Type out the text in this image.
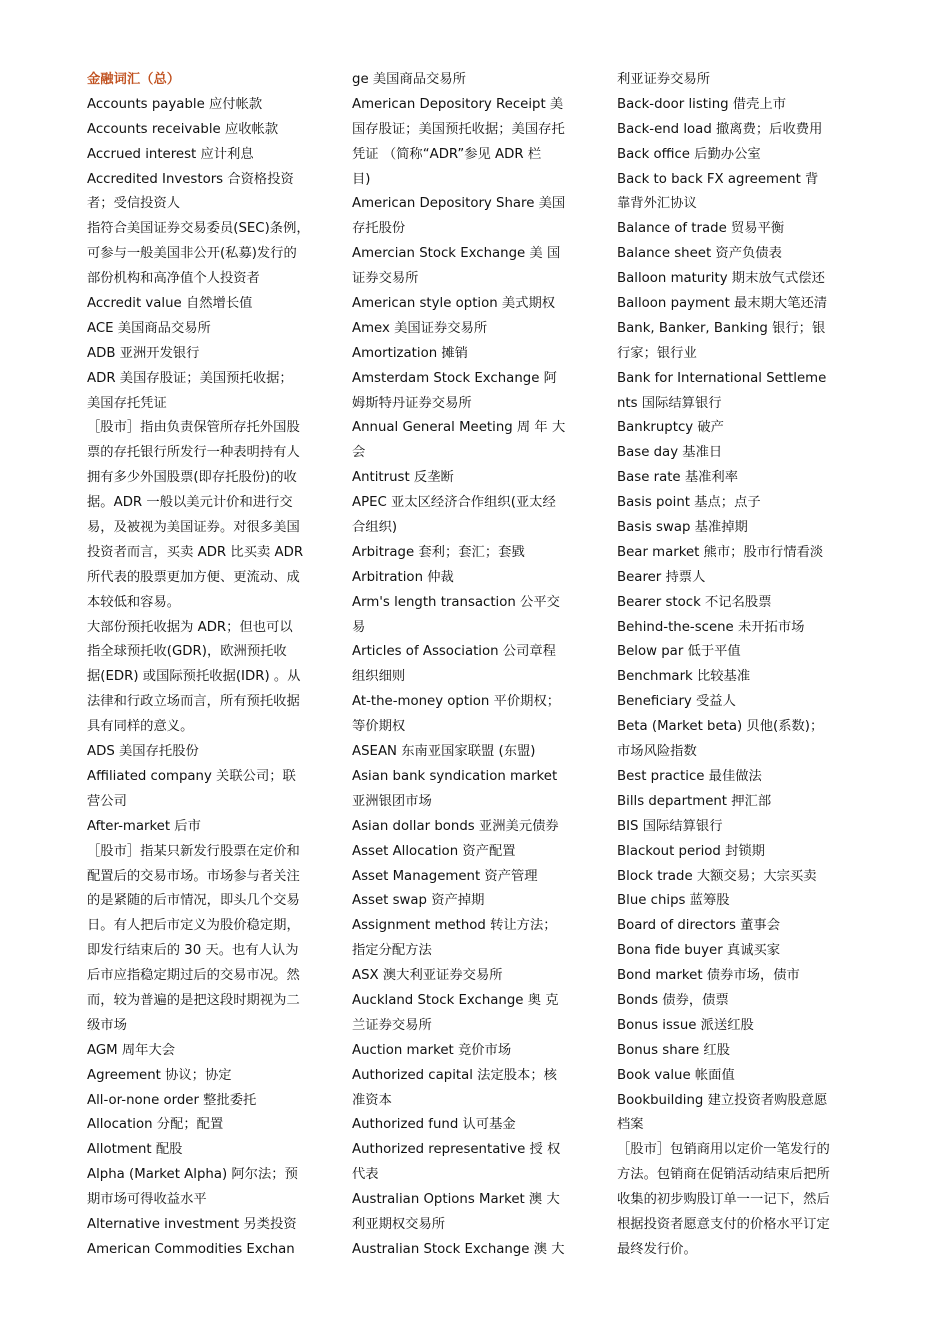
金融词汇（总）
Accounts payable 应付帐款
Accounts receivable 应收帐款
Accrued interest 应计利息
Accredited Investors 合资格投资
者；受信投资人
指符合美国证券交易委员(SEC)条例，
可参与一般美国非公开(私募)发行的
部份机构和高净值个人投资者
Accredit value 自然增长值
ACE 美国商品交易所
ADB 亚洲开发银行
ADR 美国存股证；美国预托收据；
美国存托凭证
［股市］指由负责保管所存托外国股
票的存托银行所发行一种表明持有人
拥有多少外国股票(即存托股份)的收
据。ADR 一般以美元计价和进行交
易，及被视为美国证券。对很多美国
投资者而言，买卖 ADR 比买卖 ADR
所代表的股票更加方便、更流动、成
本较低和容易。
大部份预托收据为 ADR；但也可以
指全球预托收(GDR)，欧洲预托收
据(EDR) 或国际预托收据(IDR) 。从
法律和行政立场而言，所有预托收据
具有同样的意义。
ADS 美国存托股份
Affiliated company 关联公司；联
营公司
After-market 后市
［股市］指某只新发行股票在定价和
配置后的交易市场。市场参与者关注
的是紧随的后市情况，即头几个交易
日。有人把后市定义为股价稳定期，
即发行结束后的 30 天。也有人认为
后市应指稳定期过后的交易市况。然
而，较为普遍的是把这段时期视为二
级市场
AGM 周年大会
Agreement 协议；协定
All-or-none order 整批委托
Allocation 分配；配置
Allotment 配股
Alpha (Market Alpha) 阿尔法；预
期市场可得收益水平
Alternative investment 另类投资
American Commodities Exchan
ge 美国商品交易所
American Depository Receipt 美
国存股证；美国预托收据；美国存托
凭证 （简称“ADR”参见 ADR 栏
目)
American Depository Share 美国
存托股份
Amercian Stock Exchange 美 国
证券交易所
American style option 美式期权
Amex 美国证券交易所
Amortization 摊销
Amsterdam Stock Exchange 阿
姆斯特丹证券交易所
Annual General Meeting 周 年 大
会
Antitrust 反垄断
APEC 亚太区经济合作组织(亚太经
合组织)
Arbitrage 套利；套汇；套戥
Arbitration 仲裁
Arm's length transaction 公平交
易
Articles of Association 公司章程
组织细则
At-the-money option 平价期权；
等价期权
ASEAN 东南亚国家联盟 (东盟)
Asian bank syndication market
亚洲银团市场
Asian dollar bonds 亚洲美元债券
Asset Allocation 资产配置
Asset Management 资产管理
Asset swap 资产掉期
Assignment method 转让方法；
指定分配方法
ASX 澳大利亚证券交易所
Auckland Stock Exchange 奥 克
兰证券交易所
Auction market 竞价市场
Authorized capital 法定股本；核
准资本
Authorized fund 认可基金
Authorized representative 授 权
代表
Australian Options Market 澳 大
利亚期权交易所
Australian Stock Exchange 澳 大
利亚证券交易所
Back-door listing 借壳上市
Back-end load 撤离费；后收费用
Back office 后勤办公室
Back to back FX agreement 背
靠背外汇协议
Balance of trade 贸易平衡
Balance sheet 资产负债表
Balloon maturity 期末放气式偿还
Balloon payment 最末期大笔还清
Bank, Banker, Banking 银行；银
行家；银行业
Bank for International Settleme
nts 国际结算银行
Bankruptcy 破产
Base day 基准日
Base rate 基准利率
Basis point 基点；点子
Basis swap 基准掉期
Bear market 熊市；股市行情看淡
Bearer 持票人
Bearer stock 不记名股票
Behind-the-scene 未开拓市场
Below par 低于平值
Benchmark 比较基准
Beneficiary 受益人
Beta (Market beta) 贝他(系数)；
市场风险指数
Best practice 最佳做法
Bills department 押汇部
BIS 国际结算银行
Blackout period 封锁期
Block trade 大额交易；大宗买卖
Blue chips 蓝筹股
Board of directors 董事会
Bona fide buyer 真诚买家
Bond market 债券市场，债市
Bonds 债券，债票
Bonus issue 派送红股
Bonus share 红股
Book value 帐面值
Bookbuilding 建立投资者购股意愿
档案
［股市］包销商用以定价一笔发行的
方法。包销商在促销活动结束后把所
收集的初步购股订单一一记下，然后
根据投资者愿意支付的价格水平订定
最终发行价。
